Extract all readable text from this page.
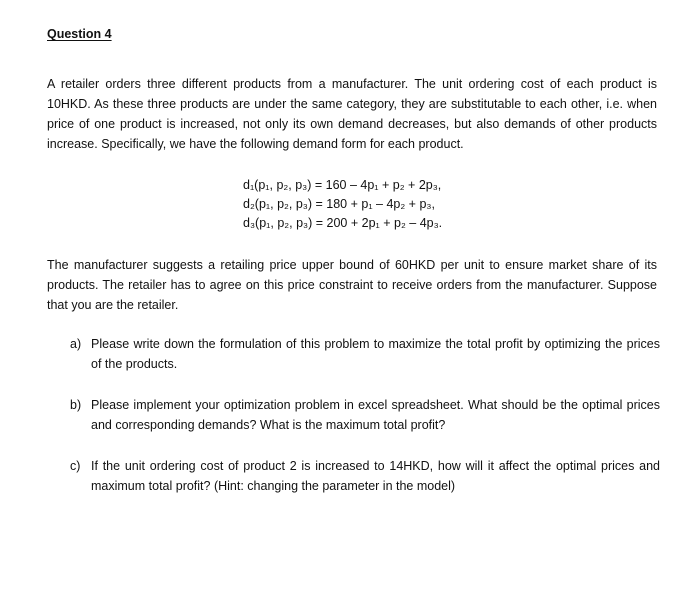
Question 4

A retailer orders three different products from a manufacturer. The unit ordering cost of each product is 10HKD. As these three products are under the same category, they are substitutable to each other, i.e. when price of one product is increased, not only its own demand decreases, but also demands of other products increase. Specifically, we have the following demand form for each product.

d₁(p₁, p₂, p₃) = 160 – 4p₁ + p₂ + 2p₃,
d₂(p₁, p₂, p₃) = 180 + p₁ – 4p₂ + p₃,
d₃(p₁, p₂, p₃) = 200 + 2p₁ + p₂ – 4p₃.

The manufacturer suggests a retailing price upper bound of 60HKD per unit to ensure market share of its products. The retailer has to agree on this price constraint to receive orders from the manufacturer. Suppose that you are the retailer.

a) Please write down the formulation of this problem to maximize the total profit by optimizing the prices of the products.
b) Please implement your optimization problem in excel spreadsheet. What should be the optimal prices and corresponding demands? What is the maximum total profit?
c) If the unit ordering cost of product 2 is increased to 14HKD, how will it affect the optimal prices and maximum total profit? (Hint: changing the parameter in the model)
